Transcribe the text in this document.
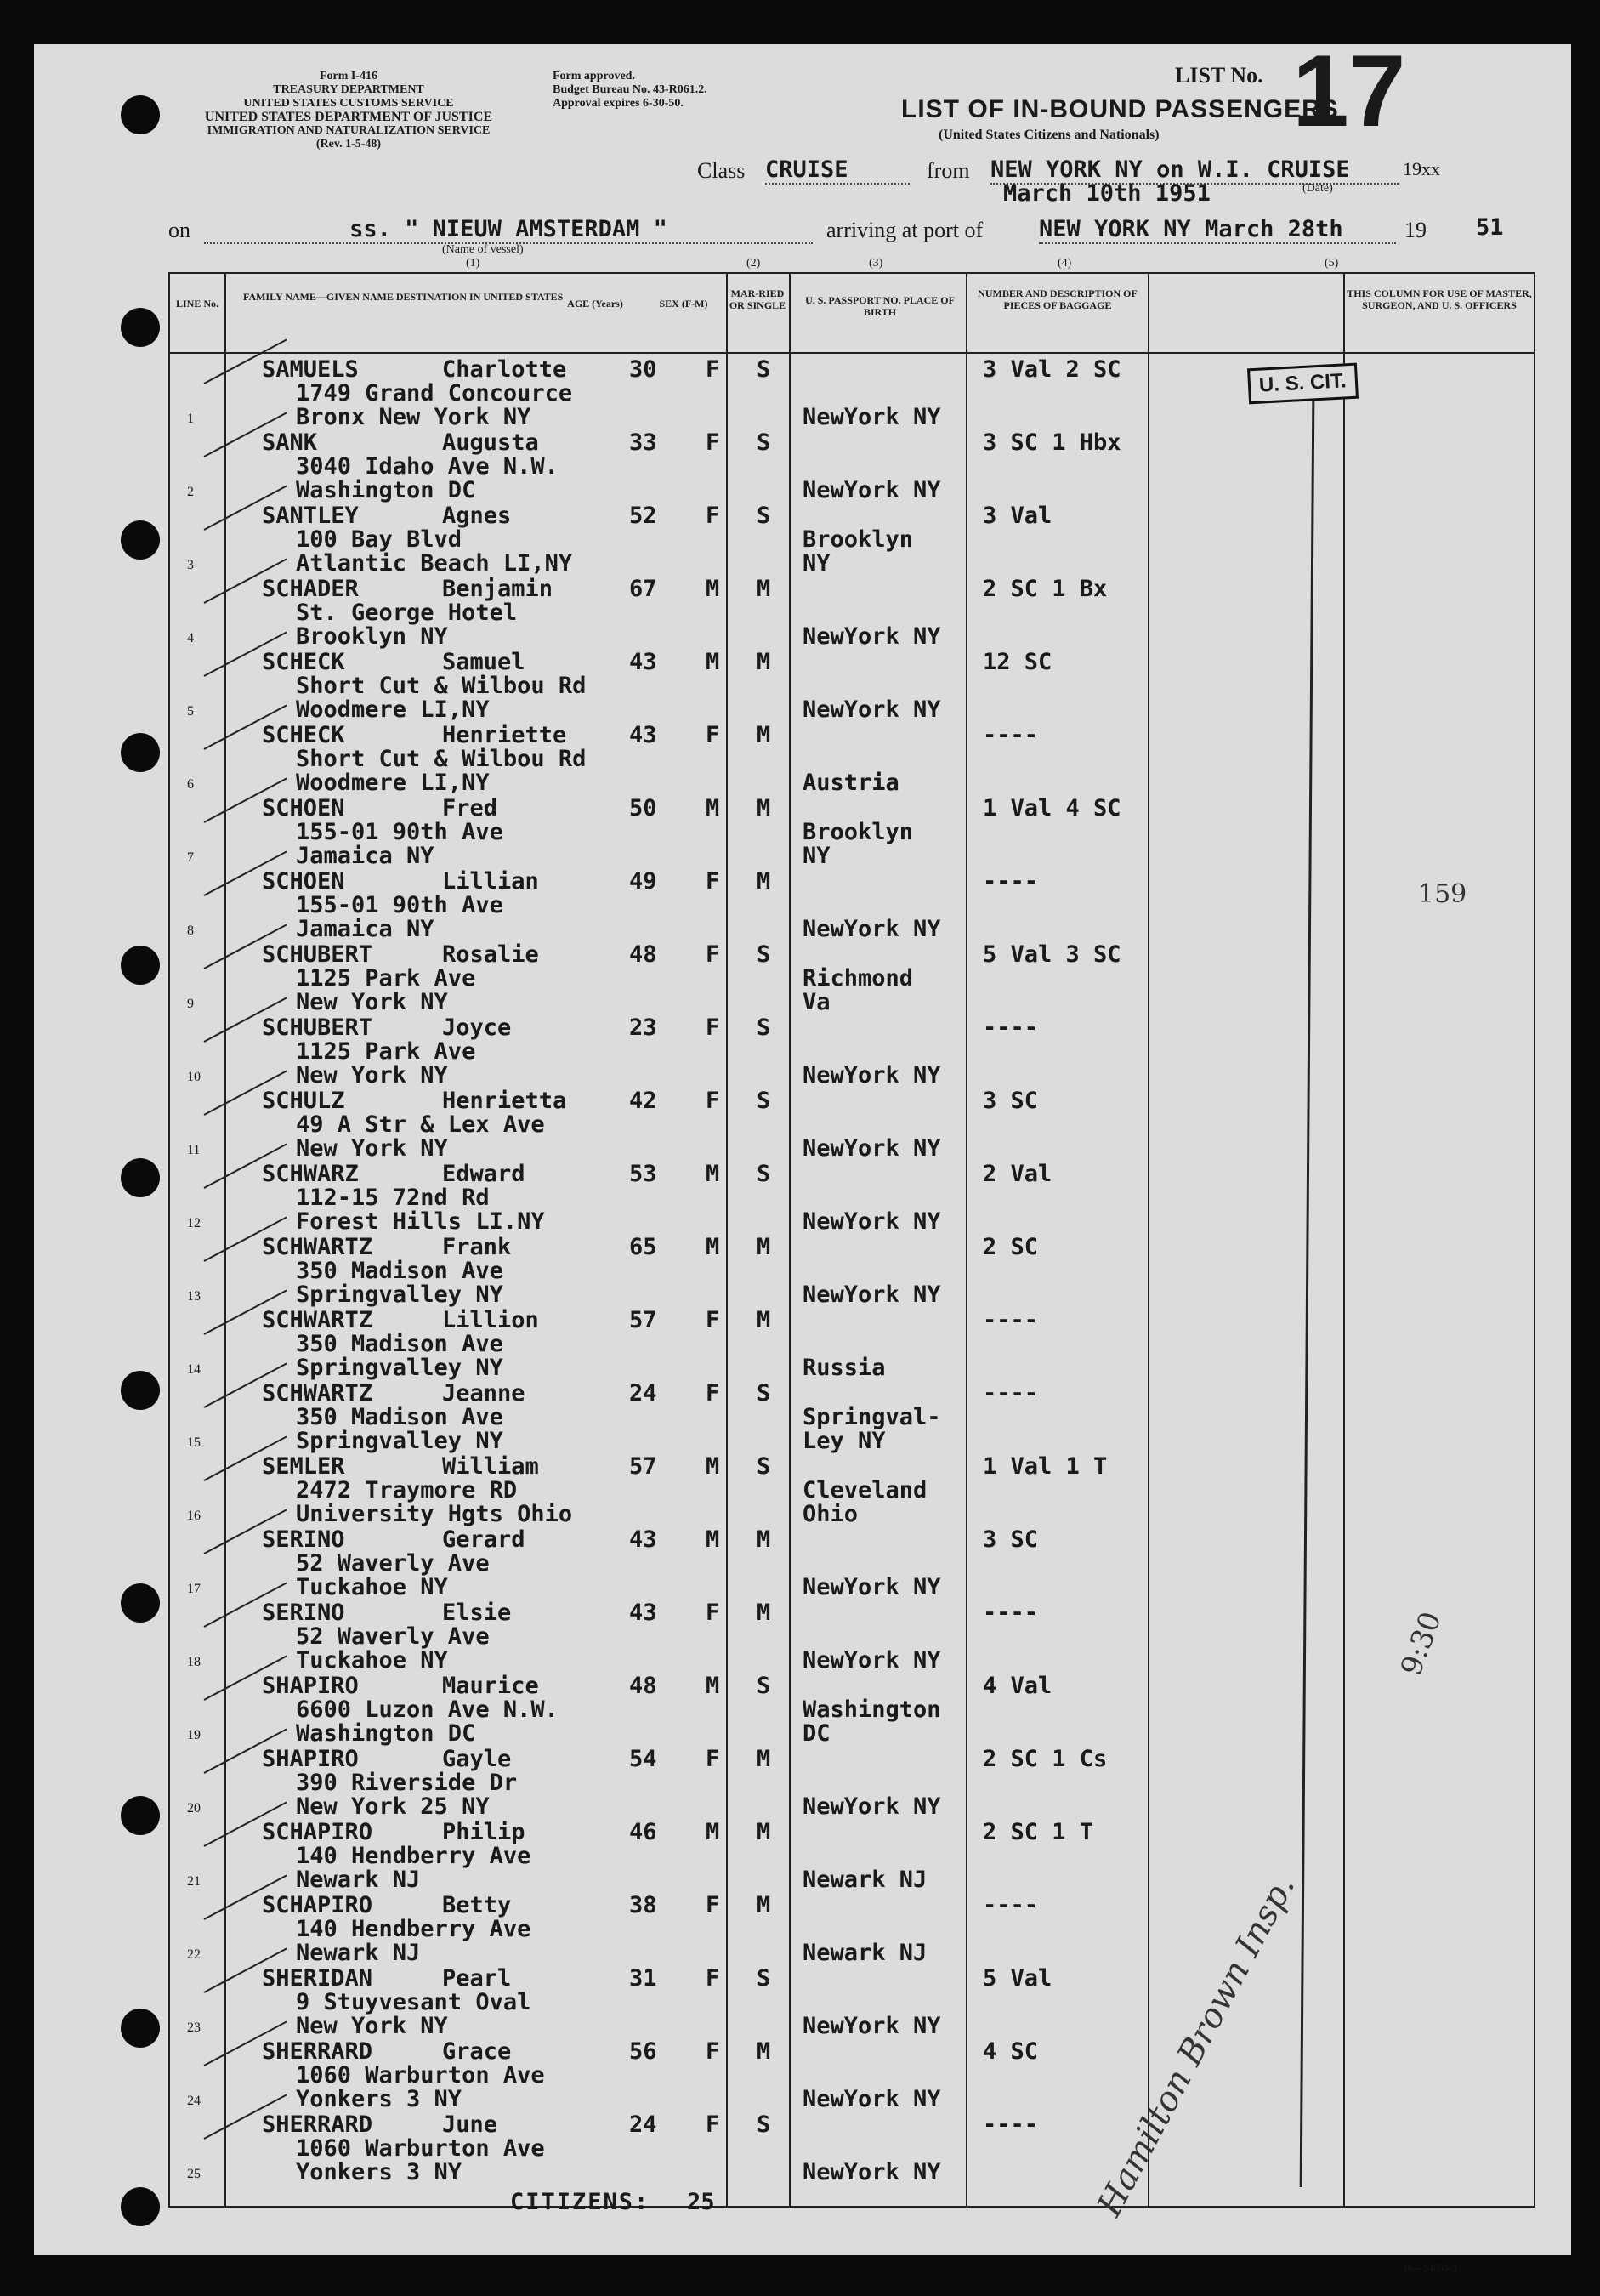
Form I-416
TREASURY DEPARTMENT
UNITED STATES CUSTOMS SERVICE
UNITED STATES DEPARTMENT OF JUSTICE
IMMIGRATION AND NATURALIZATION SERVICE
(Rev. 1-5-48)
Form approved.
Budget Bureau No. 43-R061.2.
Approval expires 6-30-50.
LIST No. 17
LIST OF IN-BOUND PASSENGERS
(United States Citizens and Nationals)
Class CRUISE	from NEW YORK NY on W.I. CRUISE	19xx
March 10th 1951	(Date)
on	ss. " NIEUW AMSTERDAM "
(Name of vessel)
arriving at port of NEW YORK NY March 28th	19 51
(1)	(2)	(3)	(4)	(5)
LINE No.
FAMILY NAME—GIVEN NAME DESTINATION IN UNITED STATES
AGE (Years)	SEX (F-M)
MAR-RIED OR SINGLE	U. S. PASSPORT NO. PLACE OF BIRTH
NUMBER AND DESCRIPTION OF PIECES OF BAGGAGE
THIS COLUMN FOR USE OF MASTER, SURGEON, AND U. S. OFFICERS
1
SAMUELS	Charlotte
1749 Grand Concource
Bronx New York NY
30 F S
NewYork NY
3 Val 2 SC
2
SANK	Augusta
3040 Idaho Ave N.W.
Washington DC
33 F S
NewYork NY
3 SC 1 Hbx
3
SANTLEY	Agnes
100 Bay Blvd
Atlantic Beach LI,NY
52 F S
Brooklyn
NY
3 Val
4
SCHADER	Benjamin
St. George Hotel
Brooklyn NY
67 M M
NewYork NY
2 SC 1 Bx
5
SCHECK	Samuel
Short Cut & Wilbou Rd
Woodmere LI,NY
43 M M
NewYork NY
12 SC
6
SCHECK	Henriette
Short Cut & Wilbou Rd
Woodmere LI,NY
43 F M
Austria
----
7
SCHOEN	Fred
155-01 90th Ave
Jamaica NY
50 M M
Brooklyn
NY
1 Val 4 SC
8
SCHOEN	Lillian
155-01 90th Ave
Jamaica NY
49 F M
NewYork NY
----
9
SCHUBERT	Rosalie
1125 Park Ave
New York NY
48 F S
Richmond
Va
5 Val 3 SC
10
SCHUBERT	Joyce
1125 Park Ave
New York NY
23 F S
NewYork NY
----
11
SCHULZ	Henrietta
49 A Str & Lex Ave
New York NY
42 F S
NewYork NY
3 SC
12
SCHWARZ	Edward
112-15 72nd Rd
Forest Hills LI.NY
53 M S
NewYork NY
2 Val
13
SCHWARTZ	Frank
350 Madison Ave
Springvalley NY
65 M M
NewYork NY
2 SC
14
SCHWARTZ	Lillion
350 Madison Ave
Springvalley NY
57 F M
Russia
----
15
SCHWARTZ	Jeanne
350 Madison Ave
Springvalley NY
24 F S
Springval-
Ley NY
----
16
SEMLER	William
2472 Traymore RD
University Hgts Ohio
57 M S
Cleveland
Ohio
1 Val 1 T
17
SERINO	Gerard
52 Waverly Ave
Tuckahoe NY
43 M M
NewYork NY
3 SC
18
SERINO	Elsie
52 Waverly Ave
Tuckahoe NY
43 F M
NewYork NY
----
19
SHAPIRO	Maurice
6600 Luzon Ave N.W.
Washington DC
48 M S
Washington
DC
4 Val
20
SHAPIRO	Gayle
390 Riverside Dr
New York 25 NY
54 F M
NewYork NY
2 SC 1 Cs
21
SCHAPIRO	Philip
140 Hendberry Ave
Newark NJ
46 M M
Newark NJ
2 SC 1 T
22
SCHAPIRO	Betty
140 Hendberry Ave
Newark NJ
38 F M
Newark NJ
----
23
SHERIDAN	Pearl
9 Stuyvesant Oval
New York NY
31 F S
NewYork NY
5 Val
24
SHERRARD	Grace
1060 Warburton Ave
Yonkers 3 NY
56 F M
NewYork NY
4 SC
25
SHERRARD	June
1060 Warburton Ave
Yonkers 3 NY
24 F S
NewYork NY
----
U. S. CIT.
159
9:30
Hamilton Brown Insp.
CITIZENS: 25
16—54053-3
